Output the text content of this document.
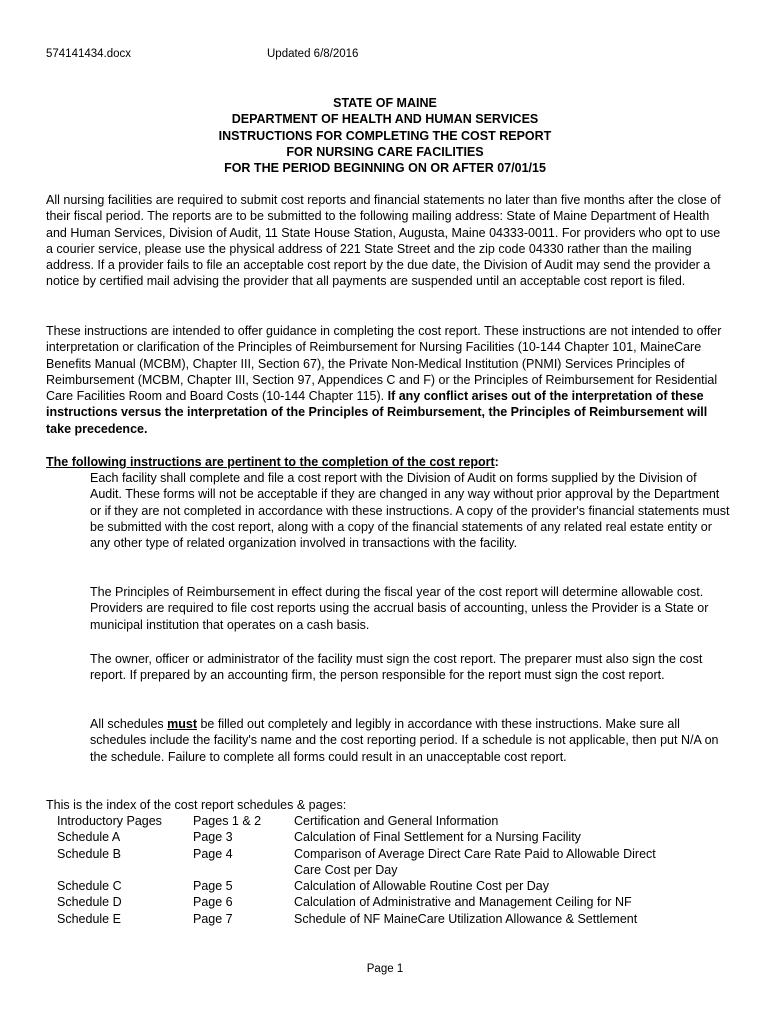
574141434.docx	Updated 6/8/2016
STATE OF MAINE
DEPARTMENT OF HEALTH AND HUMAN SERVICES
INSTRUCTIONS FOR COMPLETING THE COST REPORT
FOR NURSING CARE FACILITIES
FOR THE PERIOD BEGINNING ON OR AFTER 07/01/15

All nursing facilities are required to submit cost reports and financial statements no later than five months after the close of their fiscal period. The reports are to be submitted to the following mailing address: State of Maine Department of Health and Human Services, Division of Audit, 11 State House Station, Augusta, Maine 04333-0011. For providers who opt to use a courier service, please use the physical address of 221 State Street and the zip code 04330 rather than the mailing address. If a provider fails to file an acceptable cost report by the due date, the Division of Audit may send the provider a notice by certified mail advising the provider that all payments are suspended until an acceptable cost report is filed.

These instructions are intended to offer guidance in completing the cost report. These instructions are not intended to offer interpretation or clarification of the Principles of Reimbursement for Nursing Facilities (10-144 Chapter 101, MaineCare Benefits Manual (MCBM), Chapter III, Section 67), the Private Non-Medical Institution (PNMI) Services Principles of Reimbursement (MCBM, Chapter III, Section 97, Appendices C and F) or the Principles of Reimbursement for Residential Care Facilities Room and Board Costs (10-144 Chapter 115). If any conflict arises out of the interpretation of these instructions versus the interpretation of the Principles of Reimbursement, the Principles of Reimbursement will take precedence.

The following instructions are pertinent to the completion of the cost report:
Each facility shall complete and file a cost report with the Division of Audit on forms supplied by the Division of Audit. These forms will not be acceptable if they are changed in any way without prior approval by the Department or if they are not completed in accordance with these instructions. A copy of the provider's financial statements must be submitted with the cost report, along with a copy of the financial statements of any related real estate entity or any other type of related organization involved in transactions with the facility.
The Principles of Reimbursement in effect during the fiscal year of the cost report will determine allowable cost. Providers are required to file cost reports using the accrual basis of accounting, unless the Provider is a State or municipal institution that operates on a cash basis.
The owner, officer or administrator of the facility must sign the cost report. The preparer must also sign the cost report. If prepared by an accounting firm, the person responsible for the report must sign the cost report.
All schedules must be filled out completely and legibly in accordance with these instructions. Make sure all schedules include the facility's name and the cost reporting period. If a schedule is not applicable, then put N/A on the schedule. Failure to complete all forms could result in an unacceptable cost report.
This is the index of the cost report schedules & pages:
Introductory Pages Pages 1 & 2	Certification and General Information
Schedule A	Page 3	Calculation of Final Settlement for a Nursing Facility
Schedule B	Page 4	Comparison of Average Direct Care Rate Paid to Allowable Direct Care Cost per Day
Schedule C	Page 5	Calculation of Allowable Routine Cost per Day
Schedule D	Page 6	Calculation of Administrative and Management Ceiling for NF
Schedule E	Page 7	Schedule of NF MaineCare Utilization Allowance & Settlement
Page 1
